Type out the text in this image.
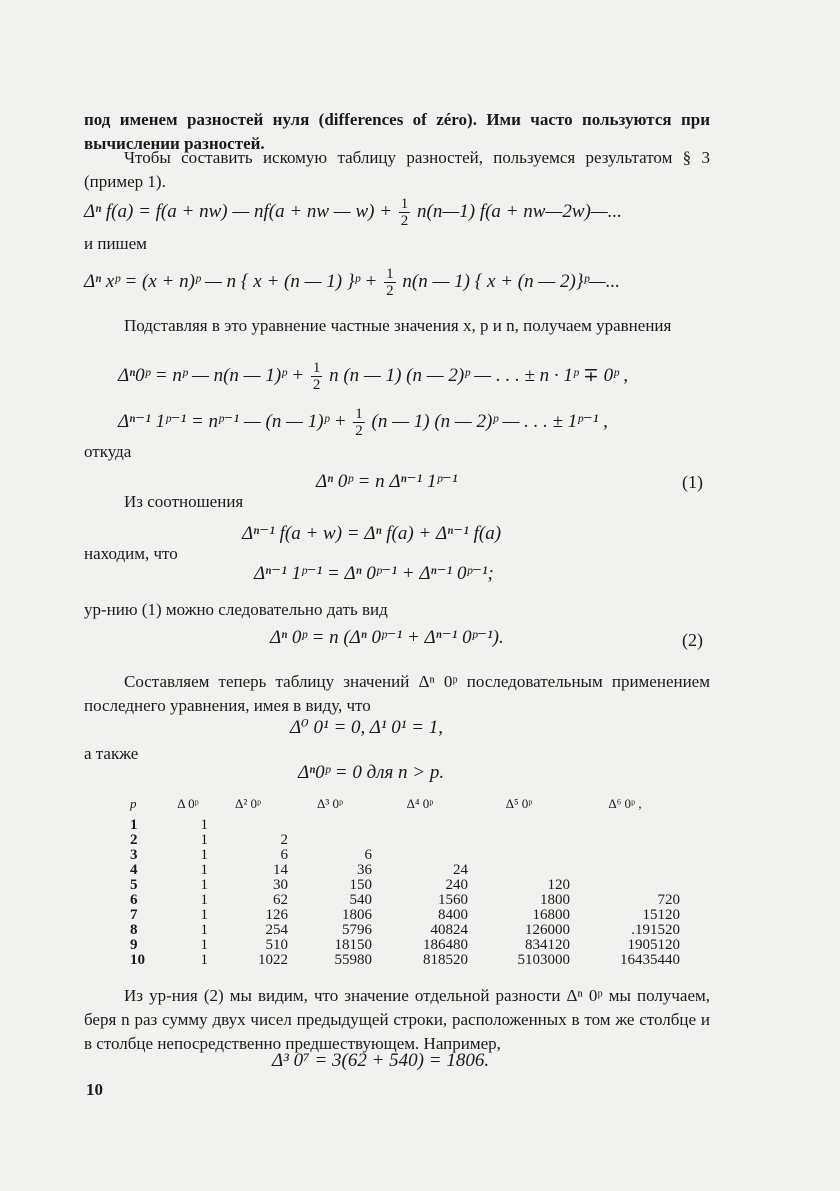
под именем разностей нуля (differences of zéro). Ими часто пользуются при вычислении разностей.
Чтобы составить искомую таблицу разностей, пользуемся результатом § 3 (пример 1).
Δⁿ f(a) = f(a + nw) — nf(a + nw — $w) + \frac{1}{2}$ n(n—1) f(a + nw—2w)—...
и пишем
Δⁿ xᵖ = (x + n)ᵖ — n { x + (n — 1) }ᵖ + $\frac{1}{2} n(n$ — 1) { x + (n — 2)}ᵖ—...
Подставляя в это уравнение частные значения x, p и n, получаем уравнения
Δⁿ0ᵖ = nᵖ — n(n — 1)ᵖ + $\frac{1}{2}$ n (n — 1) (n — 2)ᵖ — . . . ± n · 1ᵖ ∓ 0ᵖ ,
Δⁿ⁻¹ 1ᵖ⁻¹ = nᵖ⁻¹ — (n — 1)ᵖ + $\frac{1}{2} (n$ — 1) (n — 2)ᵖ — . . . ± 1ᵖ⁻¹ ,
откуда
Δⁿ 0ᵖ = n Δⁿ⁻¹ 1ᵖ⁻¹	(1)
Из соотношения
Δⁿ⁻¹ f(a + w) = Δⁿ f(a) + Δⁿ⁻¹ f(a)
находим, что
Δⁿ⁻¹ 1ᵖ⁻¹ = Δⁿ 0ᵖ⁻¹ + Δⁿ⁻¹ 0ᵖ⁻¹;
ур-нию (1) можно следовательно дать вид
Δⁿ 0ᵖ = n (Δⁿ 0ᵖ⁻¹ + Δⁿ⁻¹ 0ᵖ⁻¹).	(2)
Составляем теперь таблицу значений Δⁿ 0ᵖ последовательным применением последнего уравнения, имея в виду, что
Δ⁰ 0¹ = 0, Δ¹ 0¹ = 1,
а также
Δⁿ0ᵖ = 0 для n > p.
p	Δ 0ᵖ	Δ² 0ᵖ	Δ³ 0ᵖ	Δ⁴ 0ᵖ	Δ⁵ 0ᵖ	Δ⁶ 0ᵖ ,
1	1					
2	1	2				
3	1	6	6			
4	1	14	36	24		
5	1	30	150	240	120	
6	1	62	540	1560	1800	720
7	1	126	1806	8400	16800	15120
8	1	254	5796	40824	126000	.191520
9	1	510	18150	186480	834120	1905120
10	1	1022	55980	818520	5103000	16435440
Из ур-ния (2) мы видим, что значение отдельной разности Δⁿ 0ᵖ мы получаем, беря n раз сумму двух чисел предыдущей строки, расположенных в том же столбце и в столбце непосредственно предшествующем. Например,
Δ³ 0⁷ = 3(62 + 540) = 1806.
10
